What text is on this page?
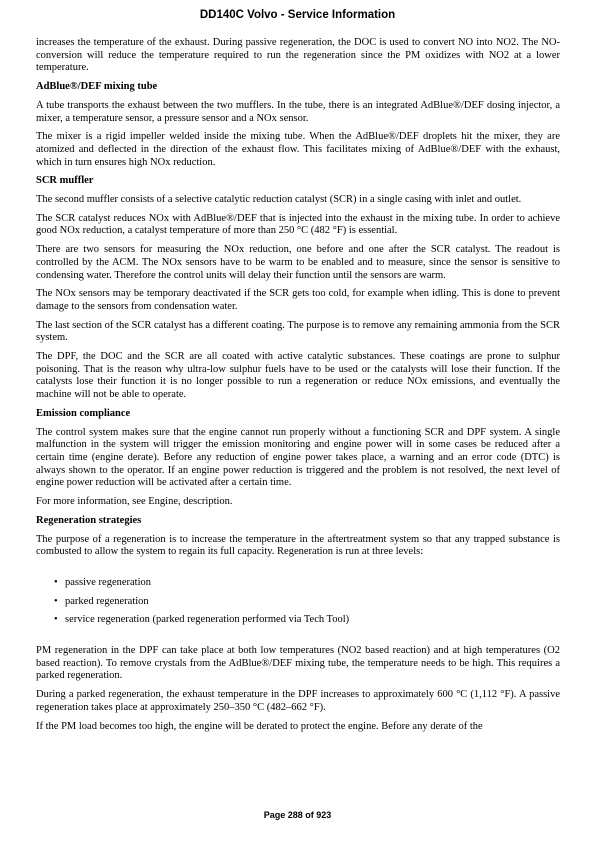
DD140C Volvo - Service Information

increases the temperature of the exhaust. During passive regeneration, the DOC is used to convert NO into NO2. The NO-conversion will reduce the temperature required to run the regeneration since the PM oxidizes with NO2 at a lower temperature.

AdBlue®/DEF mixing tube

A tube transports the exhaust between the two mufflers. In the tube, there is an integrated AdBlue®/DEF dosing injector, a mixer, a temperature sensor, a pressure sensor and a NOx sensor.

The mixer is a rigid impeller welded inside the mixing tube. When the AdBlue®/DEF droplets hit the mixer, they are atomized and deflected in the direction of the exhaust flow. This facilitates mixing of AdBlue®/DEF with the exhaust, which in turn ensures high NOx reduction.

SCR muffler

The second muffler consists of a selective catalytic reduction catalyst (SCR) in a single casing with inlet and outlet.

The SCR catalyst reduces NOx with AdBlue®/DEF that is injected into the exhaust in the mixing tube. In order to achieve good NOx reduction, a catalyst temperature of more than 250 °C (482 °F) is essential.

There are two sensors for measuring the NOx reduction, one before and one after the SCR catalyst. The readout is controlled by the ACM. The NOx sensors have to be warm to be enabled and to measure, since the sensor is sensitive to condensing water. Therefore the control units will delay their function until the sensors are warm.

The NOx sensors may be temporary deactivated if the SCR gets too cold, for example when idling. This is done to prevent damage to the sensors from condensation water.

The last section of the SCR catalyst has a different coating. The purpose is to remove any remaining ammonia from the SCR system.

The DPF, the DOC and the SCR are all coated with active catalytic substances. These coatings are prone to sulphur poisoning. That is the reason why ultra-low sulphur fuels have to be used or the catalysts will lose their function. If the catalysts lose their function it is no longer possible to run a regeneration or reduce NOx emissions, and eventually the machine will not be able to operate.

Emission compliance

The control system makes sure that the engine cannot run properly without a functioning SCR and DPF system. A single malfunction in the system will trigger the emission monitoring and engine power will in some cases be reduced after a certain time (engine derate). Before any reduction of engine power takes place, a warning and an error code (DTC) is always shown to the operator. If an engine power reduction is triggered and the problem is not resolved, the next level of engine power reduction will be activated after a certain time.

For more information, see Engine, description.

Regeneration strategies

The purpose of a regeneration is to increase the temperature in the aftertreatment system so that any trapped substance is combusted to allow the system to regain its full capacity. Regeneration is run at three levels:

• passive regeneration
• parked regeneration
• service regeneration (parked regeneration performed via Tech Tool)

PM regeneration in the DPF can take place at both low temperatures (NO2 based reaction) and at high temperatures (O2 based reaction). To remove crystals from the AdBlue®/DEF mixing tube, the temperature needs to be high. This requires a parked regeneration.

During a parked regeneration, the exhaust temperature in the DPF increases to approximately 600 °C (1,112 °F). A passive regeneration takes place at approximately 250–350 °C (482–662 °F).

If the PM load becomes too high, the engine will be derated to protect the engine. Before any derate of the

Page 288 of 923
